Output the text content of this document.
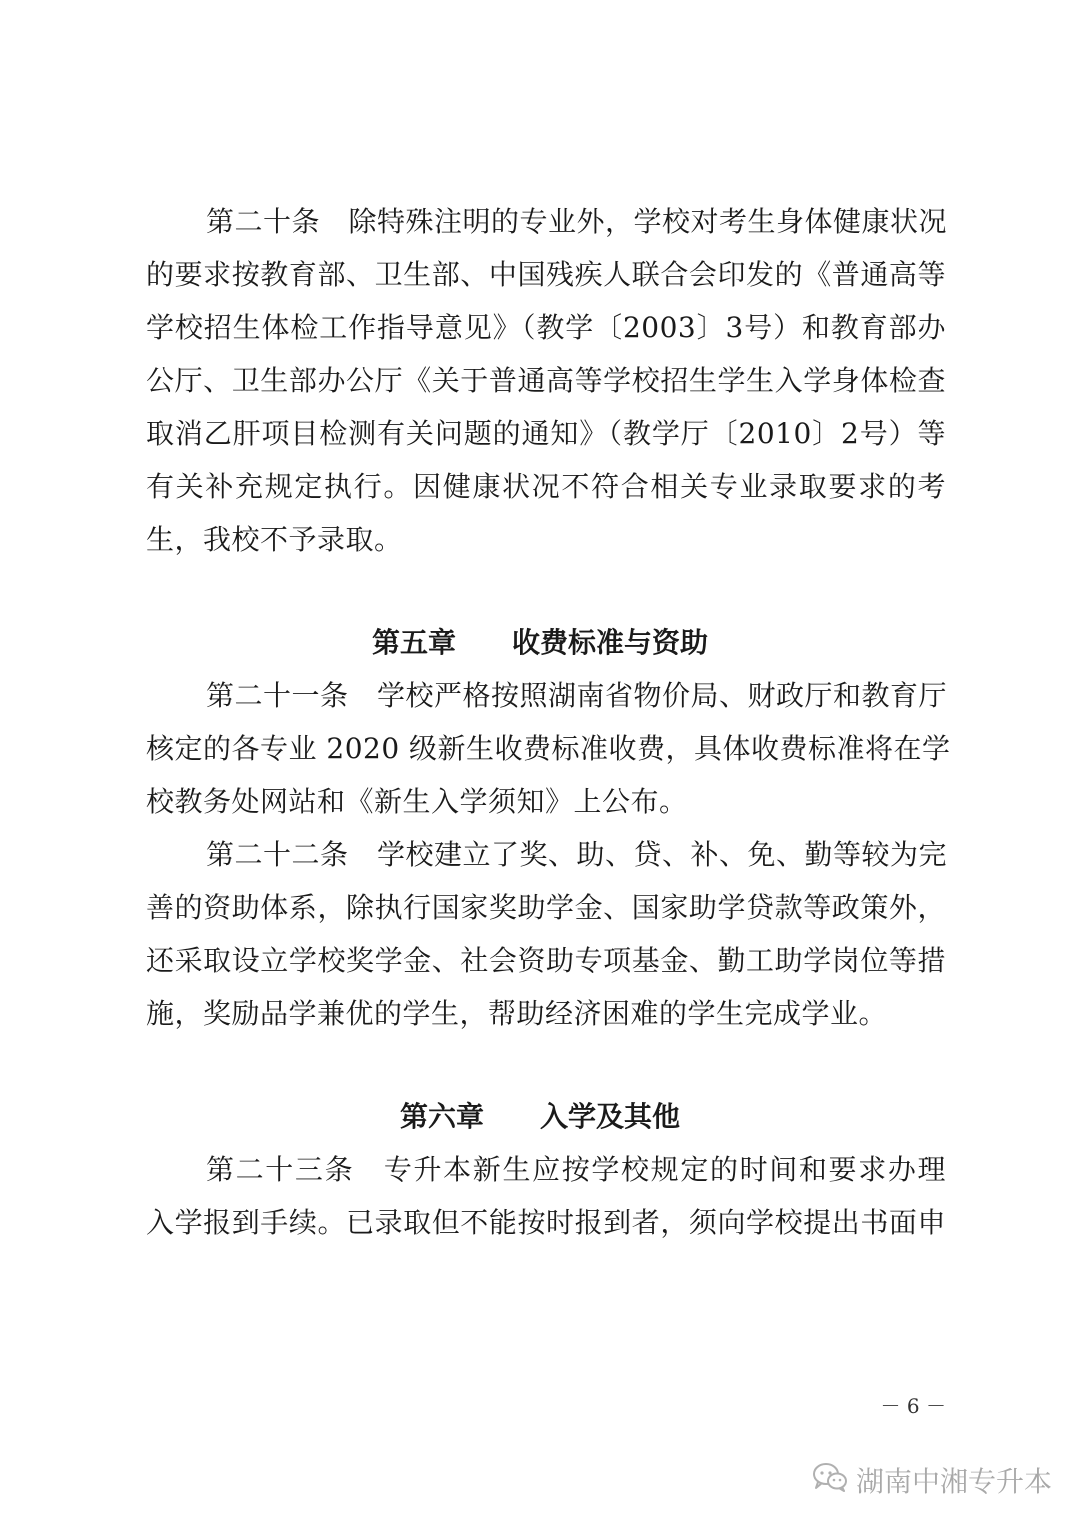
第二十条　除特殊注明的专业外，学校对考生身体健康状况
的要求按教育部、卫生部、中国残疾人联合会印发的《普通高等
学校招生体检工作指导意见》（教学〔2003〕3号）和教育部办
公厅、卫生部办公厅《关于普通高等学校招生学生入学身体检查
取消乙肝项目检测有关问题的通知》（教学厅〔2010〕2号）等
有关补充规定执行。因健康状况不符合相关专业录取要求的考
生，我校不予录取。
第五章　　收费标准与资助
第二十一条　学校严格按照湖南省物价局、财政厅和教育厅
核定的各专业 2020 级新生收费标准收费，具体收费标准将在学
校教务处网站和《新生入学须知》上公布。
第二十二条　学校建立了奖、助、贷、补、免、勤等较为完
善的资助体系，除执行国家奖助学金、国家助学贷款等政策外，
还采取设立学校奖学金、社会资助专项基金、勤工助学岗位等措
施，奖励品学兼优的学生，帮助经济困难的学生完成学业。
第六章　　入学及其他
第二十三条　专升本新生应按学校规定的时间和要求办理
入学报到手续。已录取但不能按时报到者，须向学校提出书面申
－ 6 －
湖南中湘专升本
